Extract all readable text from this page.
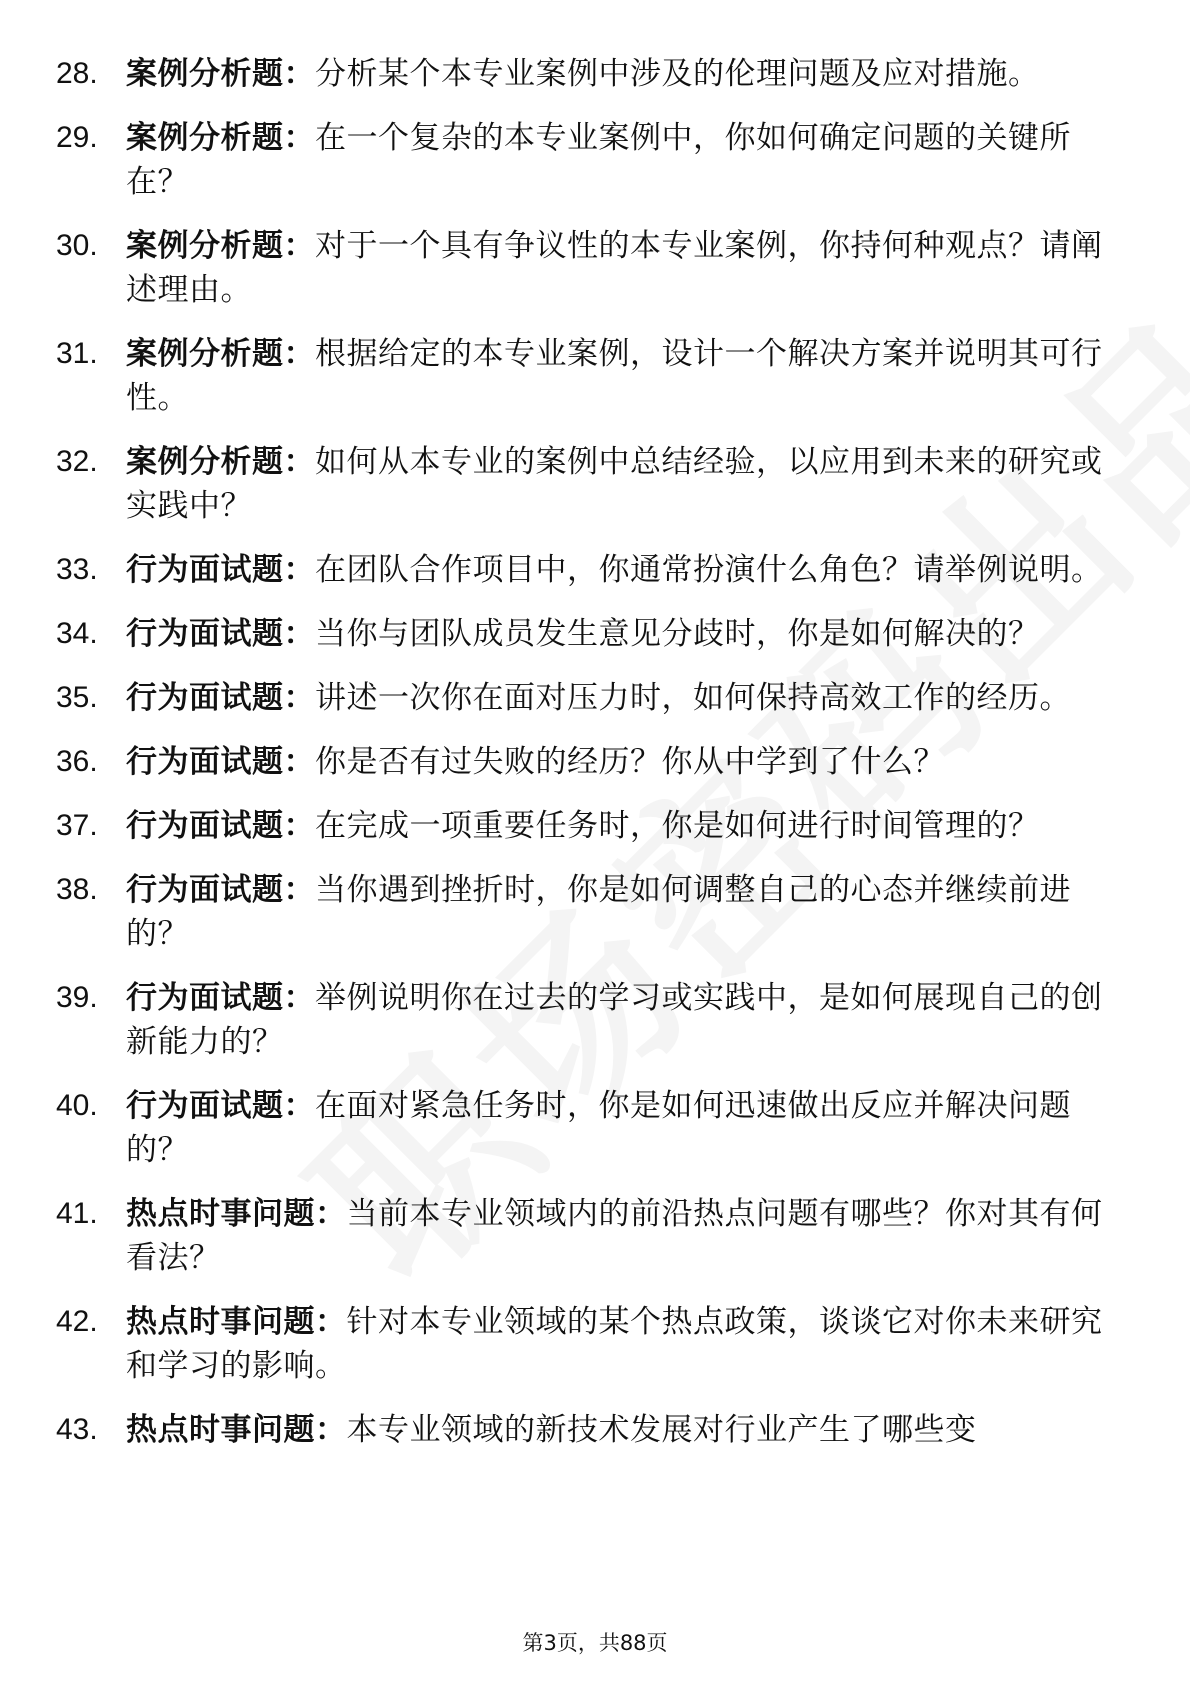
28. 案例分析题：分析某个本专业案例中涉及的伦理问题及应对措施。
29. 案例分析题：在一个复杂的本专业案例中，你如何确定问题的关键所在？
30. 案例分析题：对于一个具有争议性的本专业案例，你持何种观点？请阐述理由。
31. 案例分析题：根据给定的本专业案例，设计一个解决方案并说明其可行性。
32. 案例分析题：如何从本专业的案例中总结经验，以应用到未来的研究或实践中？
33. 行为面试题：在团队合作项目中，你通常扮演什么角色？请举例说明。
34. 行为面试题：当你与团队成员发生意见分歧时，你是如何解决的？
35. 行为面试题：讲述一次你在面对压力时，如何保持高效工作的经历。
36. 行为面试题：你是否有过失败的经历？你从中学到了什么？
37. 行为面试题：在完成一项重要任务时，你是如何进行时间管理的？
38. 行为面试题：当你遇到挫折时，你是如何调整自己的心态并继续前进的？
39. 行为面试题：举例说明你在过去的学习或实践中，是如何展现自己的创新能力的？
40. 行为面试题：在面对紧急任务时，你是如何迅速做出反应并解决问题的？
41. 热点时事问题：当前本专业领域内的前沿热点问题有哪些？你对其有何看法？
42. 热点时事问题：针对本专业领域的某个热点政策，谈谈它对你未来研究和学习的影响。
43. 热点时事问题：本专业领域的新技术发展对行业产生了哪些变
第3页，共88页
